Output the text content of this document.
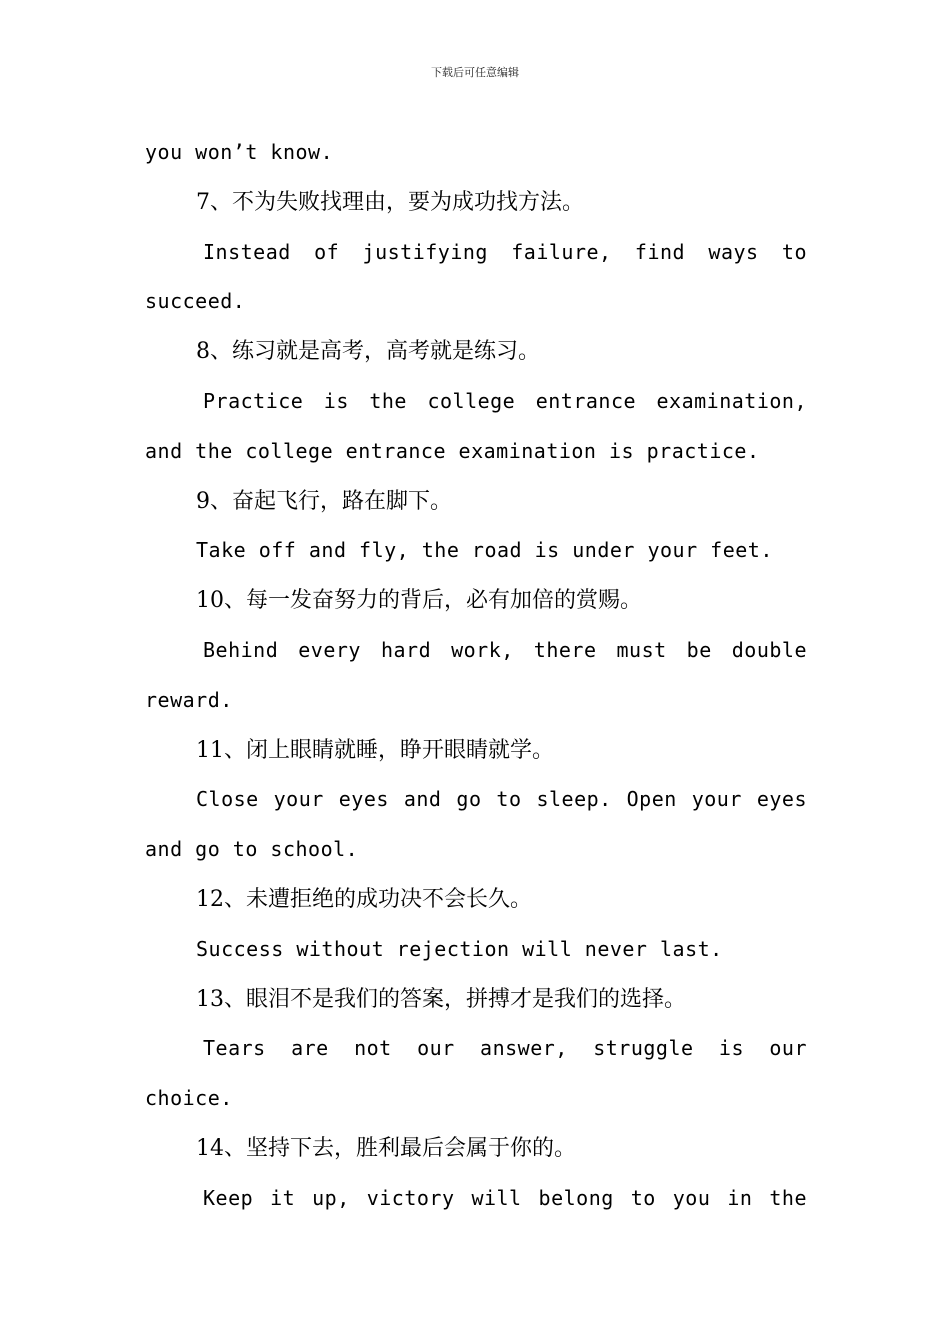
下载后可任意编辑
you won’t know.
7、不为失败找理由，要为成功找方法。
Instead of justifying failure, find ways to
succeed.
8、练习就是高考，高考就是练习。
Practice is the college entrance examination,
and the college entrance examination is practice.
9、奋起飞行，路在脚下。
Take off and fly, the road is under your feet.
10、每一发奋努力的背后，必有加倍的赏赐。
Behind every hard work, there must be double
reward.
11、闭上眼睛就睡，睁开眼睛就学。
Close your eyes and go to sleep. Open your eyes
and go to school.
12、未遭拒绝的成功决不会长久。
Success without rejection will never last.
13、眼泪不是我们的答案，拼搏才是我们的选择。
Tears are not our answer, struggle is our
choice.
14、坚持下去，胜利最后会属于你的。
Keep it up, victory will belong to you in the
